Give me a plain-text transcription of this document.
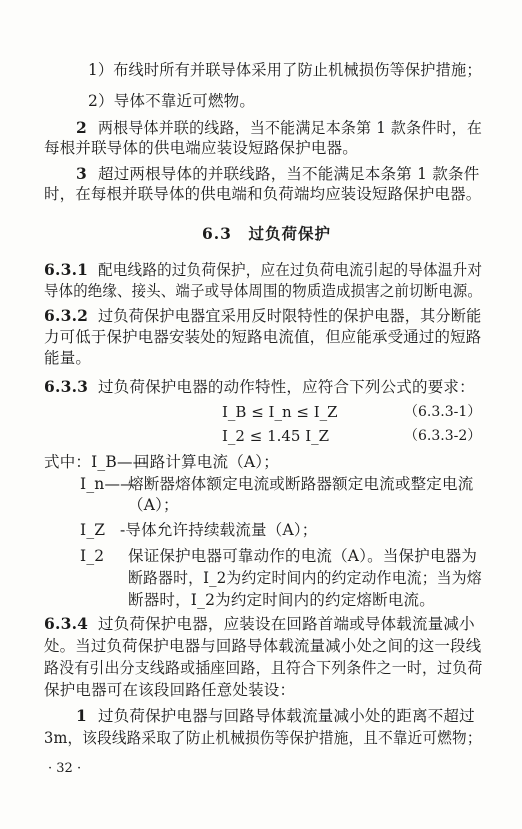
1）布线时所有并联导体采用了防止机械损伤等保护措施；
2）导体不靠近可燃物。
2 两根导体并联的线路，当不能满足本条第 1 款条件时，在
每根并联导体的供电端应装设短路保护电器。
3 超过两根导体的并联线路，当不能满足本条第 1 款条件
时，在每根并联导体的供电端和负荷端均应装设短路保护电器。
6.3　过负荷保护
6.3.1 配电线路的过负荷保护，应在过负荷电流引起的导体温升对
导体的绝缘、接头、端子或导体周围的物质造成损害之前切断电源。
6.3.2 过负荷保护电器宜采用反时限特性的保护电器，其分断能
力可低于保护电器安装处的短路电流值，但应能承受通过的短路
能量。
6.3.3 过负荷保护电器的动作特性，应符合下列公式的要求：
I_B ≤ I_n ≤ I_Z	（6.3.3-1）
I_2 ≤ 1.45 I_Z	（6.3.3-2）
式中：I_B——
回路计算电流（A）；
I_n——
熔断器熔体额定电流或断路器额定电流或整定电流
（A）；
I_Z -导体允许持续载流量（A）；
I_2 保证保护电器可靠动作的电流（A）。当保护电器为
断路器时，I_2为约定时间内的约定动作电流；当为熔
断器时，I_2为约定时间内的约定熔断电流。
6.3.4 过负荷保护电器，应装设在回路首端或导体载流量减小
处。当过负荷保护电器与回路导体载流量减小处之间的这一段线
路没有引出分支线路或插座回路，且符合下列条件之一时，过负荷
保护电器可在该段回路任意处装设：
1 过负荷保护电器与回路导体载流量减小处的距离不超过
3m，该段线路采取了防止机械损伤等保护措施，且不靠近可燃物；
· 32 ·
